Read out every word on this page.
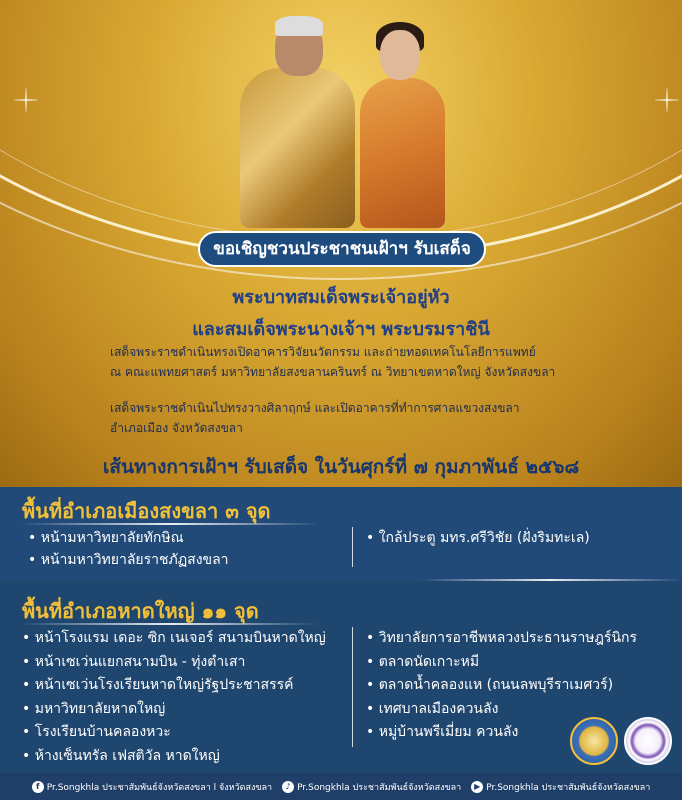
ขอเชิญชวนประชาชนเฝ้าฯ รับเสด็จ
พระบาทสมเด็จพระเจ้าอยู่หัว
และสมเด็จพระนางเจ้าฯ พระบรมราชินี
เสด็จพระราชดำเนินทรงเปิดอาคารวิจัยนวัตกรรม และถ่ายทอดเทคโนโลยีการแพทย์
ณ คณะแพทยศาสตร์ มหาวิทยาลัยสงขลานครินทร์ ณ วิทยาเขตหาดใหญ่ จังหวัดสงขลา
เสด็จพระราชดำเนินไปทรงวางศิลาฤกษ์ และเปิดอาคารที่ทำการศาลแขวงสงขลา
อำเภอเมือง จังหวัดสงขลา
เส้นทางการเฝ้าฯ รับเสด็จ ในวันศุกร์ที่ ๗ กุมภาพันธ์ ๒๕๖๘
พื้นที่อำเภอเมืองสงขลา ๓ จุด
• หน้ามหาวิทยาลัยทักษิณ
• หน้ามหาวิทยาลัยราชภัฏสงขลา
• ใกล้ประตู มทร.ศรีวิชัย (ฝั่งริมทะเล)
พื้นที่อำเภอหาดใหญ่ ๑๑ จุด
• หน้าโรงแรม เดอะ ซิก เนเจอร์ สนามบินหาดใหญ่
• หน้าเซเว่นแยกสนามบิน - ทุ่งตำเสา
• หน้าเซเว่นโรงเรียนหาดใหญ่รัฐประชาสรรค์
• มหาวิทยาลัยหาดใหญ่
• โรงเรียนบ้านคลองหวะ
• ห้างเซ็นทรัล เฟสติวัล หาดใหญ่
• วิทยาลัยการอาชีพหลวงประธานราษฎร์นิกร
• ตลาดนัดเกาะหมี
• ตลาดน้ำคลองแห (ถนนลพบุรีราเมศวร์)
• เทศบาลเมืองควนลัง
• หมู่บ้านพรีเมี่ยม ควนลัง
f Pr.Songkhla ประชาสัมพันธ์จังหวัดสงขลา l จังหวัดสงขลา	♪ Pr.Songkhla ประชาสัมพันธ์จังหวัดสงขลา	▶ Pr.Songkhla ประชาสัมพันธ์จังหวัดสงขลา
